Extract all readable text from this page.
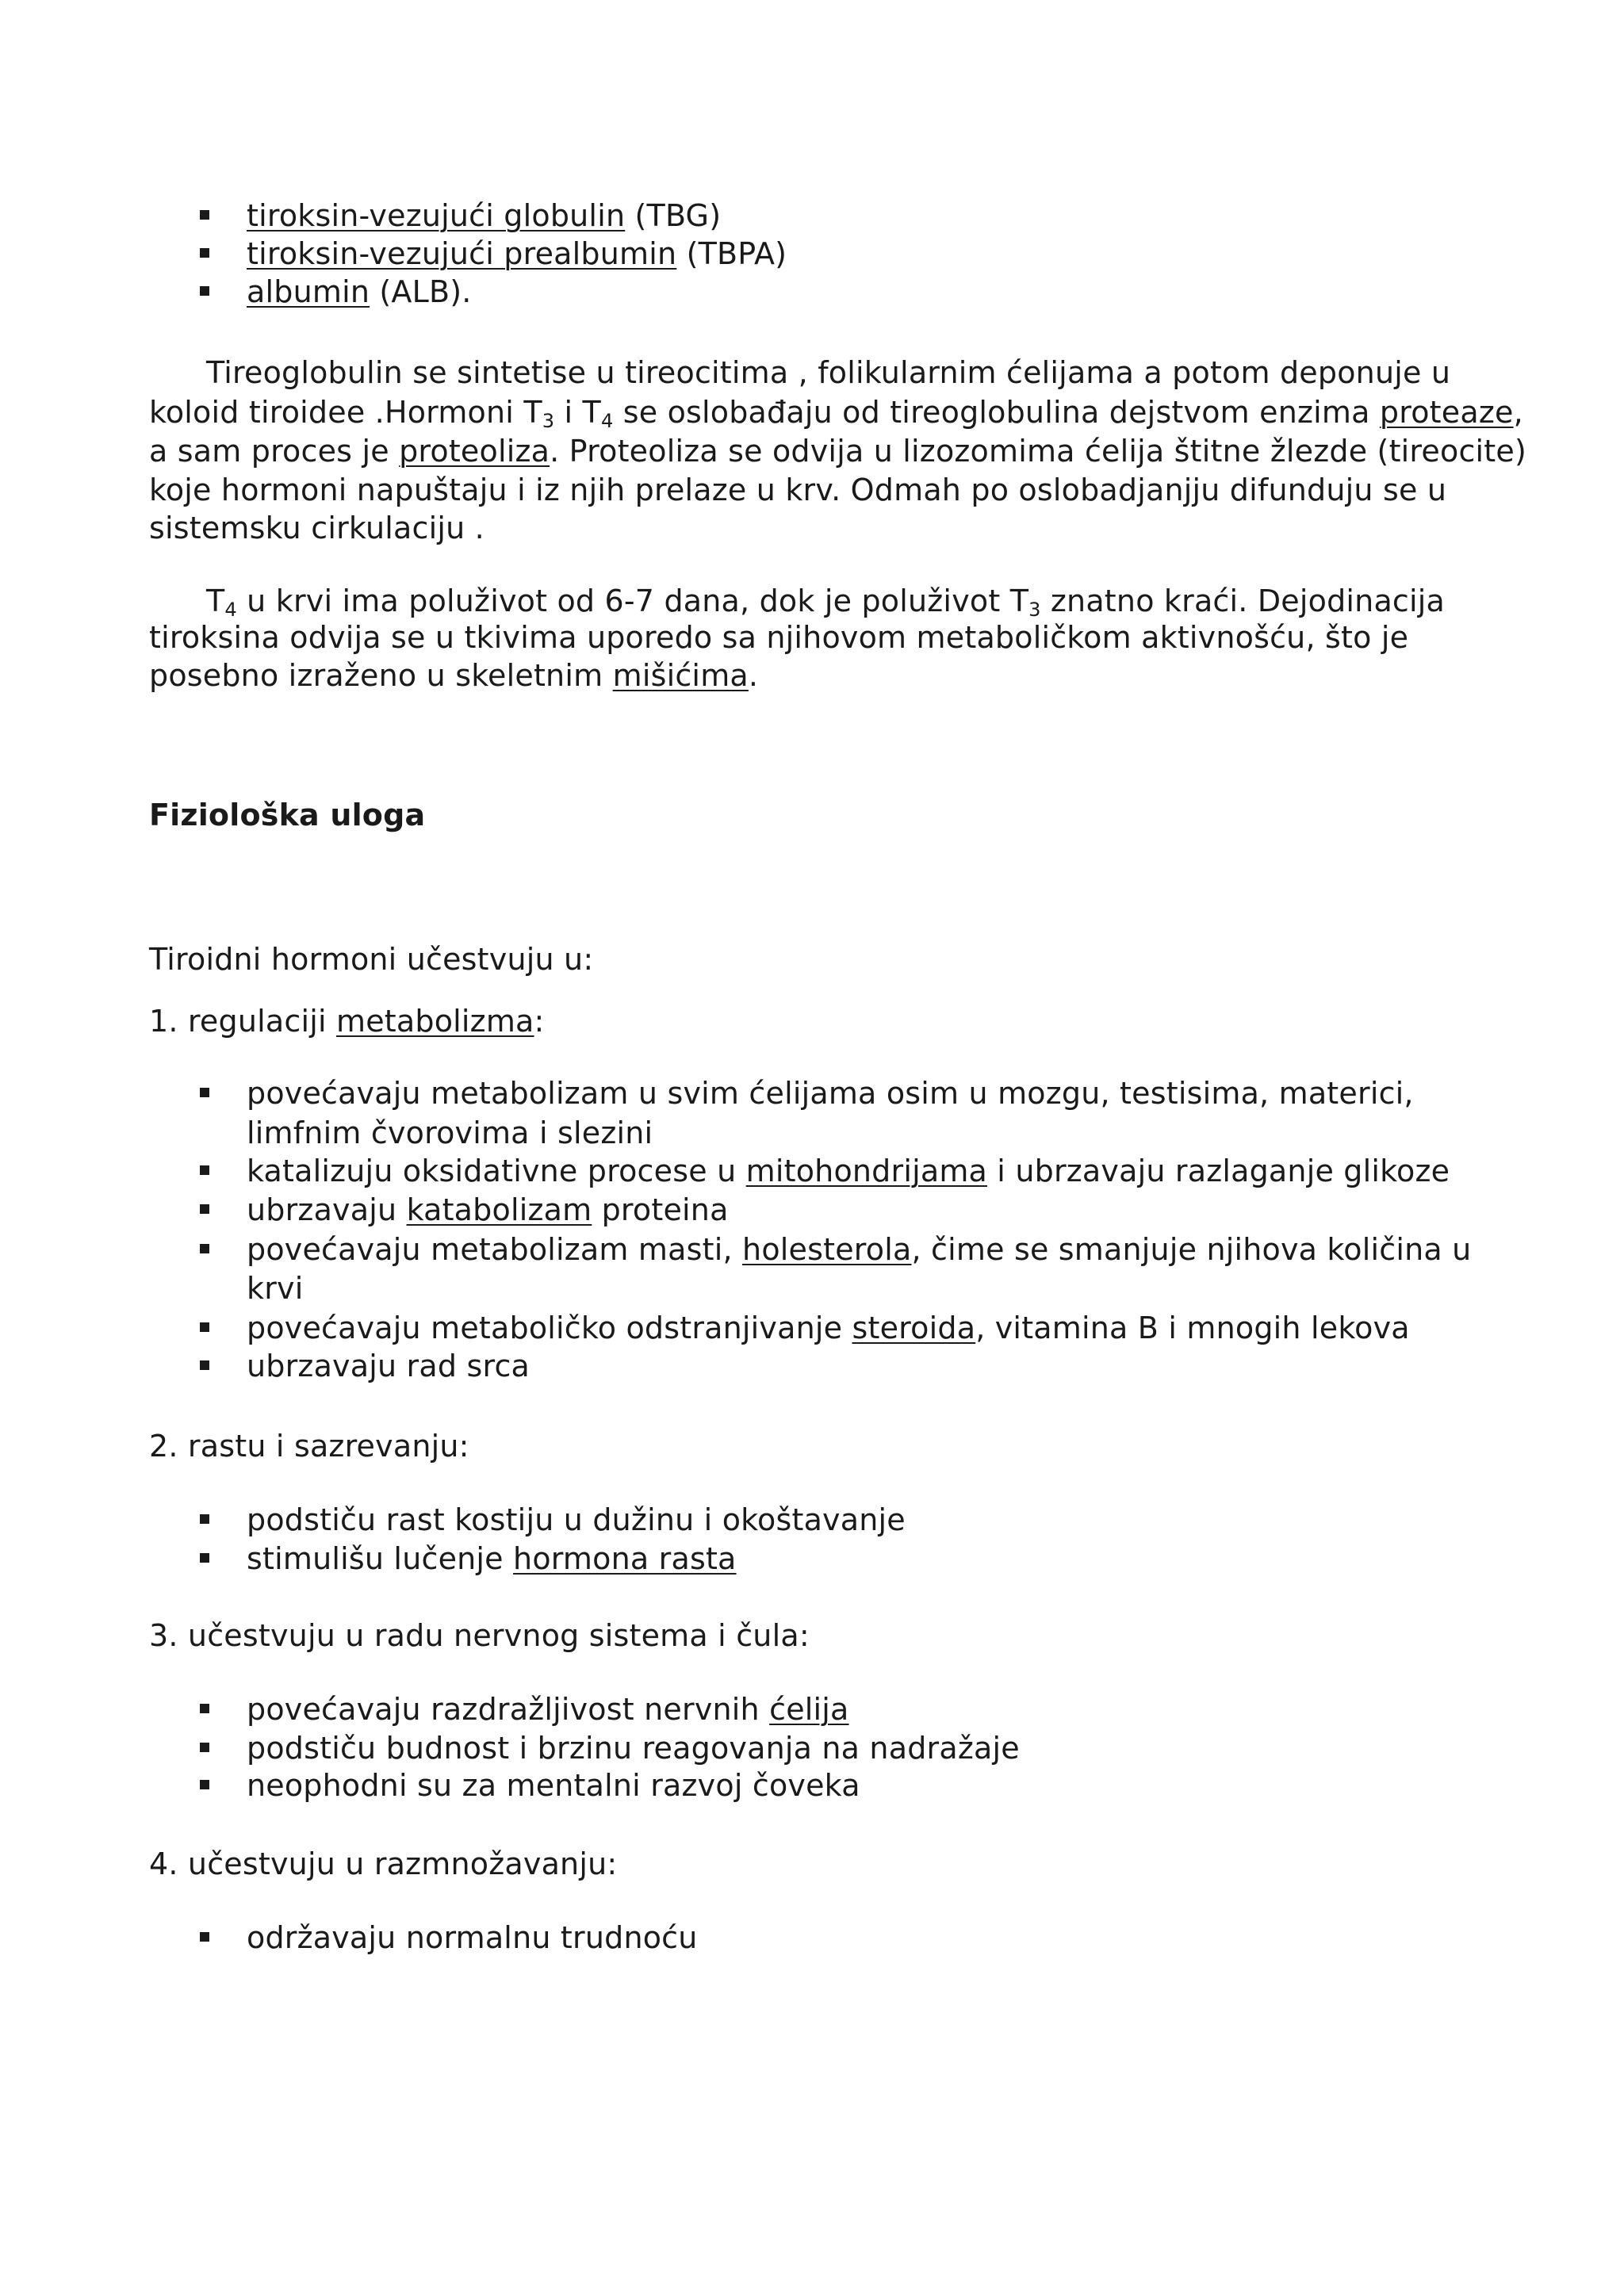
tiroksin-vezujući globulin (TBG)
tiroksin-vezujući prealbumin (TBPA)
albumin (ALB).
Tireoglobulin se sintetise u tireocitima , folikularnim ćelijama a potom deponuje u
koloid tiroidee .Hormoni $T_3$ i $T_4$ se oslobađaju od tireoglobulina dejstvom enzima proteaze,
a sam proces je proteoliza. Proteoliza se odvija u lizozomima ćelija štitne žlezde (tireocite)
koje hormoni napuštaju i iz njih prelaze u krv. Odmah po oslobadjanjju difunduju se u
sistemsku cirkulaciju .
$T_4$ u krvi ima poluživot od 6-7 dana, dok je poluživot $T_3$ znatno kraći. Dejodinacija
tiroksina odvija se u tkivima uporedo sa njihovom metaboličkom aktivnošću, što je
posebno izraženo u skeletnim mišićima.
Fiziološka uloga
Tiroidni hormoni učestvuju u:
1. regulaciji metabolizma:
povećavaju metabolizam u svim ćelijama osim u mozgu, testisima, materici,
limfnim čvorovima i slezini
katalizuju oksidativne procese u mitohondrijama i ubrzavaju razlaganje glikoze
ubrzavaju katabolizam proteina
povećavaju metabolizam masti, holesterola, čime se smanjuje njihova količina u
krvi
povećavaju metaboličko odstranjivanje steroida, vitamina B i mnogih lekova
ubrzavaju rad srca
2. rastu i sazrevanju:
podstiču rast kostiju u dužinu i okoštavanje
stimulišu lučenje hormona rasta
3. učestvuju u radu nervnog sistema i čula:
povećavaju razdražljivost nervnih ćelija
podstiču budnost i brzinu reagovanja na nadražaje
neophodni su za mentalni razvoj čoveka
4. učestvuju u razmnožavanju:
održavaju normalnu trudnoću
